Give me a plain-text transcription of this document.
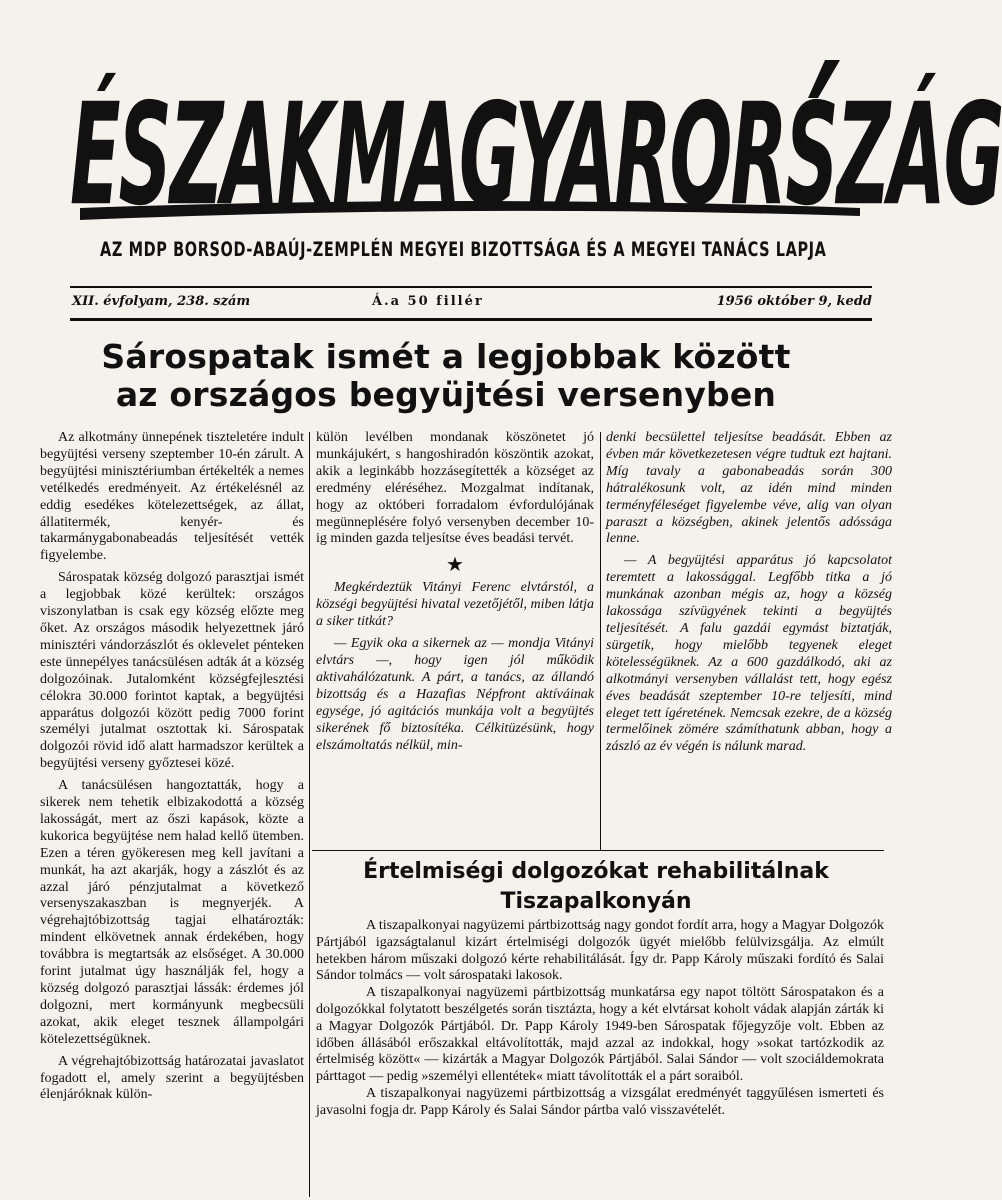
ÉSZAKMAGYARORSZÁG
AZ MDP BORSOD-ABAÚJ-ZEMPLÉN MEGYEI BIZOTTSÁGA ÉS A MEGYEI TANÁCS LAPJA
XII. évfolyam, 238. szám	Á.a 50 fillér	1956 október 9, kedd
Sárospatak ismét a legjobbak között
az országos begyüjtési versenyben

Az alkotmány ünnepének tiszteletére indult begyüjtési verseny szeptember 10-én zárult. A begyüjtési minisztériumban értékelték a nemes vetélkedés eredményeit. Az értékelésnél az eddig esedékes kötelezettségek, az állat, állatitermék, kenyér- és takarmánygabonabeadás teljesítését vették figyelembe.

Sárospatak község dolgozó parasztjai ismét a legjobbak közé kerültek: országos viszonylatban is csak egy község előzte meg őket. Az országos második helyezettnek járó minisztéri vándorzászlót és oklevelet pénteken este ünnepélyes tanácsülésen adták át a község dolgozóinak. Jutalomként községfejlesztési célokra 30.000 forintot kaptak, a begyüjtési apparátus dolgozói között pedig 7000 forint személyi jutalmat osztottak ki. Sárospatak dolgozói rövid idő alatt harmadszor kerültek a begyüjtési verseny győztesei közé.

A tanácsülésen hangoztatták, hogy a sikerek nem tehetik elbizakodottá a község lakosságát, mert az őszi kapások, közte a kukorica begyüjtése nem halad kellő ütemben. Ezen a téren gyökeresen meg kell javítani a munkát, ha azt akarják, hogy a zászlót és az azzal járó pénzjutalmat a következő versenyszakaszban is megnyerjék. A végrehajtóbizottság tagjai elhatározták: mindent elkövetnek annak érdekében, hogy továbbra is megtartsák az elsőséget. A 30.000 forint jutalmat úgy használják fel, hogy a község dolgozó parasztjai lássák: érdemes jól dolgozni, mert kormányunk megbecsüli azokat, akik eleget tesznek állampolgári kötelezettségüknek.

A végrehajtóbizottság határozatai javaslatot fogadott el, amely szerint a begyüjtésben élenjáróknak külön-

külön levélben mondanak köszönetet jó munkájukért, s hangoshiradón köszöntik azokat, akik a leginkább hozzásegítették a községet az eredmény eléréséhez. Mozgalmat indítanak, hogy az októberi forradalom évfordulójának megünneplésére folyó versenyben december 10-ig minden gazda teljesítse éves beadási tervét.

★

Megkérdeztük Vitányi Ferenc elvtárstól, a községi begyüjtési hivatal vezetőjétől, miben látja a siker titkát?

— Egyik oka a sikernek az — mondja Vitányi elvtárs —, hogy igen jól működik aktivahálózatunk. A párt, a tanács, az állandó bizottság és a Hazafias Népfront aktíváinak egysége, jó agitációs munkája volt a begyüjtés sikerének fő biztosítéka. Célkitüzésünk, hogy elszámoltatás nélkül, min-

denki becsülettel teljesítse beadását. Ebben az évben már következetesen végre tudtuk ezt hajtani. Míg tavaly a gabonabeadás során 300 hátralékosunk volt, az idén mind minden terményféleséget figyelembe véve, alig van olyan paraszt a községben, akinek jelentős adóssága lenne.

— A begyüjtési apparátus jó kapcsolatot teremtett a lakossággal. Legfőbb titka a jó munkának azonban mégis az, hogy a község lakossága szívügyének tekinti a begyüjtés teljesítését. A falu gazdái egymást biztatják, sürgetik, hogy mielőbb tegyenek eleget kötelességüknek. Az a 600 gazdálkodó, aki az alkotmányi versenyben vállalást tett, hogy egész éves beadását szeptember 10-re teljesíti, mind eleget tett ígéretének. Nemcsak ezekre, de a község termelőinek zömére számíthatunk abban, hogy a zászló az év végén is nálunk marad.

Értelmiségi dolgozókat rehabilitálnak
Tiszapalkonyán

A tiszapalkonyai nagyüzemi pártbizottság nagy gondot fordít arra, hogy a Magyar Dolgozók Pártjából igazságtalanul kizárt értelmiségi dolgozók ügyét mielőbb felülvizsgálja. Az elmúlt hetekben három műszaki dolgozó kérte rehabilitálását. Így dr. Papp Károly műszaki fordító és Salai Sándor tolmács — volt sárospataki lakosok.

A tiszapalkonyai nagyüzemi pártbizottság munkatársa egy napot töltött Sárospatakon és a dolgozókkal folytatott beszélgetés során tisztázta, hogy a két elvtársat koholt vádak alapján zárták ki a Magyar Dolgozók Pártjából. Dr. Papp Károly 1949-ben Sárospatak főjegyzője volt. Ebben az időben állásából erőszakkal eltávolították, majd azzal az indokkal, hogy »sokat tartózkodik az értelmiség között« — kizárták a Magyar Dolgozók Pártjából. Salai Sándor — volt szociáldemokrata párttagot — pedig »személyi ellentétek« miatt távolították el a párt soraiból.

A tiszapalkonyai nagyüzemi pártbizottság a vizsgálat eredményét taggyűlésen ismerteti és javasolni fogja dr. Papp Károly és Salai Sándor pártba való visszavételét.
